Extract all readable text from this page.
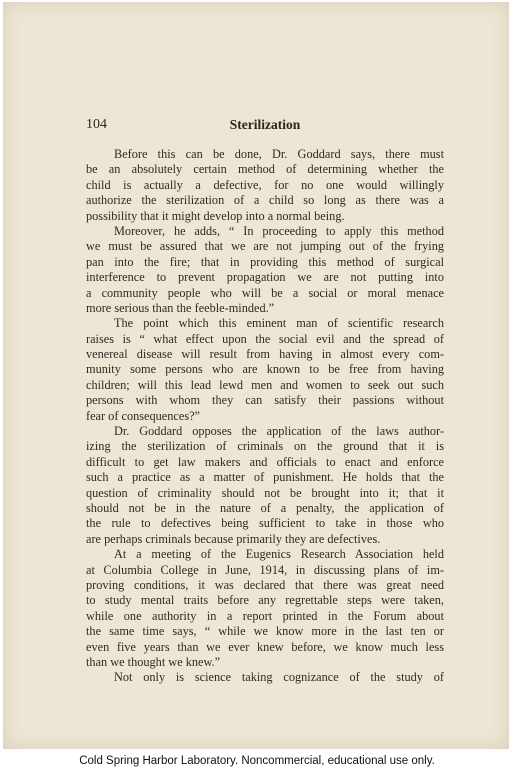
104	Sterilization
Before this can be done, Dr. Goddard says, there must
be an absolutely certain method of determining whether the
child is actually a defective, for no one would willingly
authorize the sterilization of a child so long as there was a
possibility that it might develop into a normal being.
Moreover, he adds, “ In proceeding to apply this method
we must be assured that we are not jumping out of the frying
pan into the fire; that in providing this method of surgical
interference to prevent propagation we are not putting into
a community people who will be a social or moral menace
more serious than the feeble-minded.”
The point which this eminent man of scientific research
raises is “ what effect upon the social evil and the spread of
venereal disease will result from having in almost every com-
munity some persons who are known to be free from having
children; will this lead lewd men and women to seek out such
persons with whom they can satisfy their passions without
fear of consequences?”
Dr. Goddard opposes the application of the laws author-
izing the sterilization of criminals on the ground that it is
difficult to get law makers and officials to enact and enforce
such a practice as a matter of punishment. He holds that the
question of criminality should not be brought into it; that it
should not be in the nature of a penalty, the application of
the rule to defectives being sufficient to take in those who
are perhaps criminals because primarily they are defectives.
At a meeting of the Eugenics Research Association held
at Columbia College in June, 1914, in discussing plans of im-
proving conditions, it was declared that there was great need
to study mental traits before any regrettable steps were taken,
while one authority in a report printed in the Forum about
the same time says, “ while we know more in the last ten or
even five years than we ever knew before, we know much less
than we thought we knew.”
Not only is science taking cognizance of the study of
Cold Spring Harbor Laboratory. Noncommercial, educational use only.
